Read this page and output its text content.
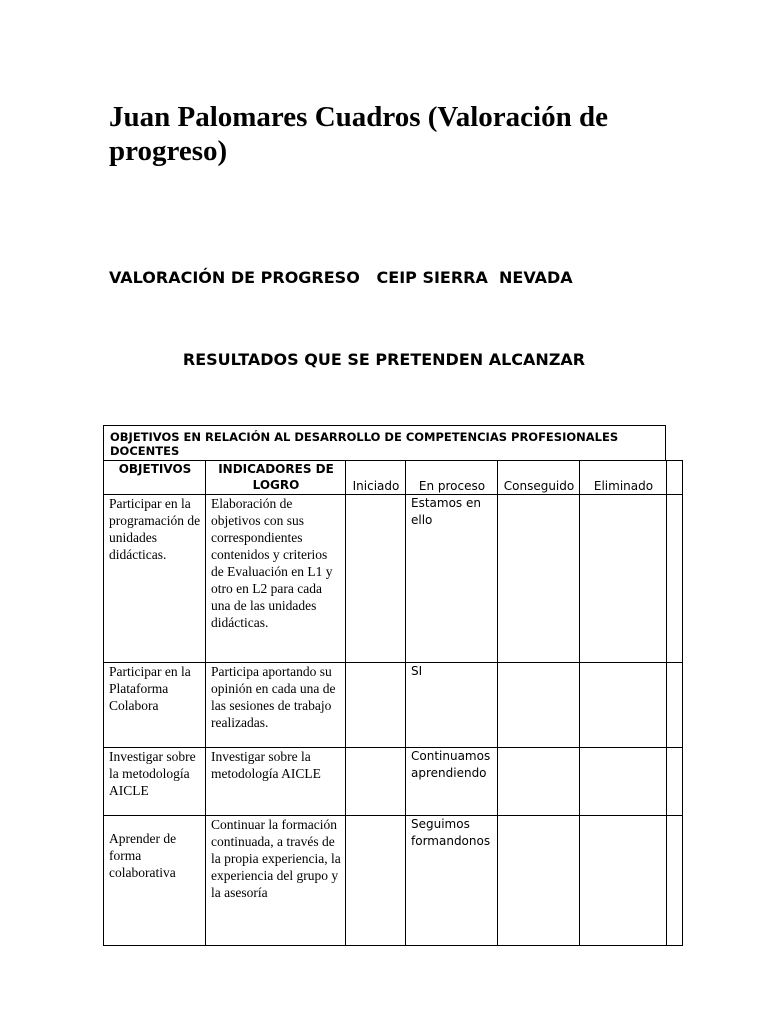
Juan Palomares Cuadros (Valoración de progreso)

VALORACIÓN DE PROGRESO   CEIP SIERRA  NEVADA

RESULTADOS QUE SE PRETENDEN ALCANZAR

OBJETIVOS EN RELACIÓN AL DESARROLLO DE COMPETENCIAS PROFESIONALES DOCENTES
OBJETIVOS	INDICADORES DE LOGRO	Iniciado	En proceso	Conseguido	Eliminado	
Participar en la programación de unidades didácticas.	Elaboración de objetivos con sus correspondientes contenidos y criterios de Evaluación en L1 y otro en L2 para cada una de las unidades didácticas.		Estamos en ello			
Participar en la Plataforma Colabora	Participa aportando su opinión en cada una de las sesiones de trabajo realizadas.		SI			
Investigar sobre la metodología AICLE	Investigar sobre la metodología AICLE		Continuamos aprendiendo			
Aprender de forma colaborativa	Continuar la formación continuada, a través de la propia experiencia, la experiencia del grupo y la asesoría		Seguimos formandonos			
